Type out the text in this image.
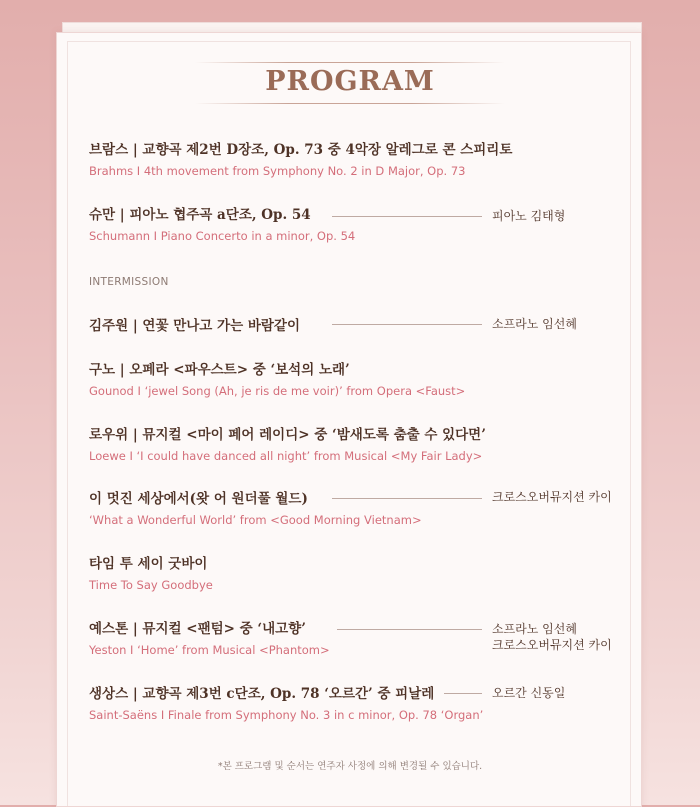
PROGRAM
브람스 | 교향곡 제2번 D장조, Op. 73 중 4악장 알레그로 콘 스피리토
Brahms I 4th movement from Symphony No. 2 in D Major, Op. 73
슈만 | 피아노 협주곡 a단조, Op. 54
Schumann I Piano Concerto in a minor, Op. 54
피아노 김태형
INTERMISSION
김주원 | 연꽃 만나고 가는 바람같이	소프라노 임선혜
구노 | 오페라 <파우스트> 중 ‘보석의 노래’
Gounod I ‘jewel Song (Ah, je ris de me voir)’ from Opera <Faust>
로우위 | 뮤지컬 <마이 페어 레이디> 중 ‘밤새도록 춤출 수 있다면’
Loewe I ‘I could have danced all night’ from Musical <My Fair Lady>
이 멋진 세상에서(왓 어 원더풀 월드)
‘What a Wonderful World’ from <Good Morning Vietnam>
크로스오버뮤지션 카이
타임 투 세이 굿바이
Time To Say Goodbye
예스톤 | 뮤지컬 <팬텀> 중 ‘내고향’
Yeston I ‘Home’ from Musical <Phantom>
소프라노 임선혜
크로스오버뮤지션 카이
생상스 | 교향곡 제3번 c단조, Op. 78 ‘오르간’ 중 피날레
Saint-Saëns I Finale from Symphony No. 3 in c minor, Op. 78 ‘Organ’
오르간 신동일
*본 프로그램 및 순서는 연주자 사정에 의해 변경될 수 있습니다.
